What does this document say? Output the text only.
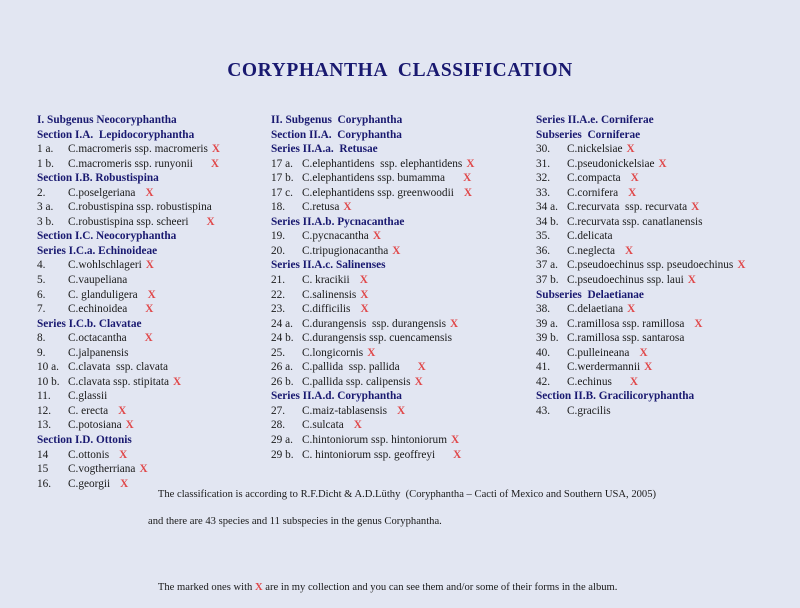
CORYPHANTHA  CLASSIFICATION
I. Subgenus Neocoryphantha
Section I.A.  Lepidocoryphantha
1 a.	C.macromeris ssp. macromeris X
1 b.	C.macromeris ssp. runyonii	X
Section I.B. Robustispina
2.	C.poselgeriana X
3 a.	C.robustispina ssp. robustispina
3 b.	C.robustispina ssp. scheeri	X
Section I.C. Neocoryphantha
Series I.C.a. Echinoideae
4.	C.wohlschlageri X
5.	C.vaupeliana
6.	C. glanduligera X
7.	C.echinoidea	X
Series I.C.b. Clavatae
8.	C.octacantha	X
9.	C.jalpanensis
10 a. C.clavata  ssp. clavata
10 b. C.clavata ssp. stipitata X
11.	C.glassii
12.	C. erecta X
13.	C.potosiana X
Section I.D. Ottonis
14	C.ottonis X
15	C.vogtherriana X
16.	C.georgii X
II. Subgenus  Coryphantha
Section II.A.  Coryphantha
Series II.A.a.  Retusae
17 a. C.elephantidens  ssp. elephantidens X
17 b. C.elephantidens ssp. bumamma	X
17 c. C.elephantidens ssp. greenwoodii X
18.	C.retusa X
Series II.A.b. Pycnacanthae
19.	C.pycnacantha X
20.	C.tripugionacantha X
Series II.A.c. Salinenses
21.	C. kracikii X
22.	C.salinensis X
23.	C.difficilis X
24 a. C.durangensis  ssp. durangensis X
24 b. C.durangensis ssp. cuencamensis
25.	C.longicornis X
26 a. C.pallida  ssp. pallida	X
26 b. C.pallida ssp. calipensis X
Series II.A.d. Coryphantha
27.	C.maiz-tablasensis X
28.	C.sulcata X
29 a. C.hintoniorum ssp. hintoniorum X
29 b. C. hintoniorum ssp. geoffreyi	X
Series II.A.e. Corniferae
Subseries  Corniferae
30.	C.nickelsiae X
31.	C.pseudonickelsiae X
32.	C.compacta X
33.	C.cornifera X
34 a. C.recurvata  ssp. recurvata X
34 b. C.recurvata ssp. canatlanensis
35.	C.delicata
36.	C.neglecta X
37 a. C.pseudoechinus ssp. pseudoechinus X
37 b. C.pseudoechinus ssp. laui X
Subseries  Delaetianae
38.	C.delaetiana X
39 a. C.ramillosa ssp. ramillosa X
39 b. C.ramillosa ssp. santarosa
40.	C.pulleineana X
41.	C.werdermannii X
42.	C.echinus	X
Section II.B. Gracilicoryphantha
43.	C.gracilis

The classification is according to R.F.Dicht & A.D.Lüthy  (Coryphantha – Cacti of Mexico and Southern USA, 2005)

and there are 43 species and 11 subspecies in the genus Coryphantha.

The marked ones with X are in my collection and you can see them and/or some of their forms in the album.
